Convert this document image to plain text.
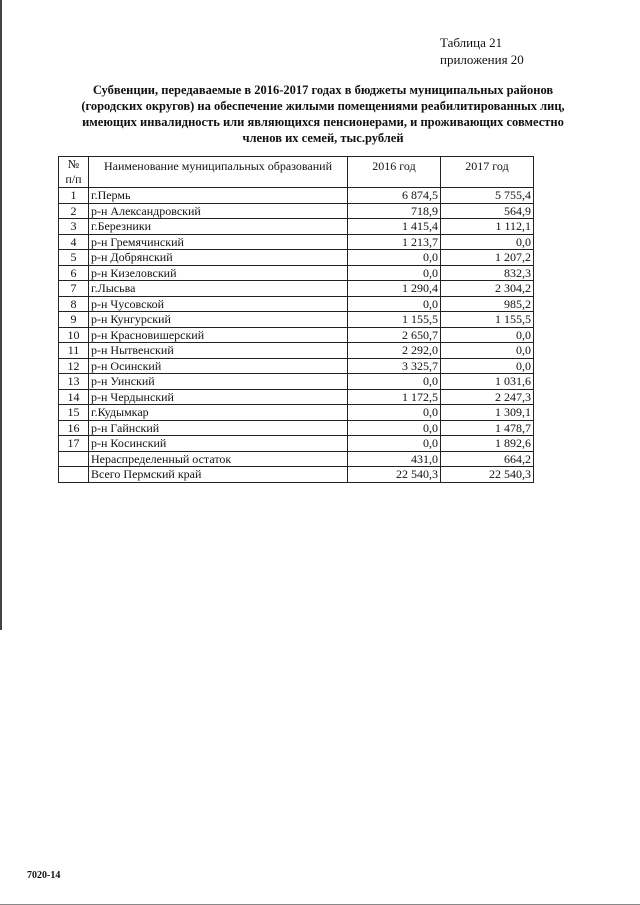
Таблица 21
приложения 20
Субвенции, передаваемые в 2016-2017 годах в бюджеты муниципальных районов
(городских округов) на обеспечение жилыми помещениями реабилитированных лиц,
имеющих инвалидность или являющихся пенсионерами, и проживающих совместно
членов их семей, тыс.рублей
№
п/п	Наименование муниципальных образований	2016 год	2017 год
1	г.Пермь	6 874,5	5 755,4
2	р-н Александровский	718,9	564,9
3	г.Березники	1 415,4	1 112,1
4	р-н Гремячинский	1 213,7	0,0
5	р-н Добрянский	0,0	1 207,2
6	р-н Кизеловский	0,0	832,3
7	г.Лысьва	1 290,4	2 304,2
8	р-н Чусовской	0,0	985,2
9	р-н Кунгурский	1 155,5	1 155,5
10	р-н Красновишерский	2 650,7	0,0
11	р-н Нытвенский	2 292,0	0,0
12	р-н Осинский	3 325,7	0,0
13	р-н Уинский	0,0	1 031,6
14	р-н Чердынский	1 172,5	2 247,3
15	г.Кудымкар	0,0	1 309,1
16	р-н Гайнский	0,0	1 478,7
17	р-н Косинский	0,0	1 892,6
	Нераспределенный остаток	431,0	664,2
	Всего Пермский край	22 540,3	22 540,3
7020-14
